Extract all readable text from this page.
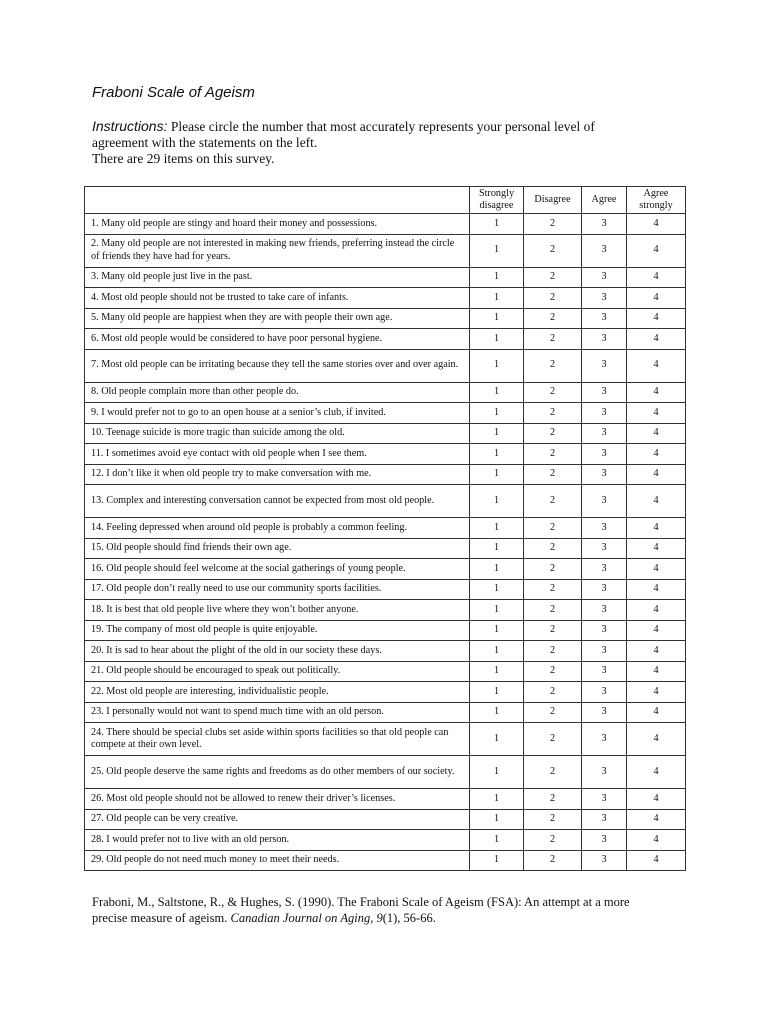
Fraboni Scale of Ageism
Instructions: Please circle the number that most accurately represents your personal level of agreement with the statements on the left.
There are 29 items on this survey.
	Strongly disagree	Disagree	Agree	Agree strongly
1. Many old people are stingy and hoard their money and possessions.	1	2	3	4
2. Many old people are not interested in making new friends, preferring instead the circle of friends they have had for years.	1	2	3	4
3. Many old people just live in the past.	1	2	3	4
4. Most old people should not be trusted to take care of infants.	1	2	3	4
5. Many old people are happiest when they are with people their own age.	1	2	3	4
6. Most old people would be considered to have poor personal hygiene.	1	2	3	4
7. Most old people can be irritating because they tell the same stories over and over again.	1	2	3	4
8. Old people complain more than other people do.	1	2	3	4
9. I would prefer not to go to an open house at a senior’s club, if invited.	1	2	3	4
10. Teenage suicide is more tragic than suicide among the old.	1	2	3	4
11. I sometimes avoid eye contact with old people when I see them.	1	2	3	4
12. I don’t like it when old people try to make conversation with me.	1	2	3	4
13. Complex and interesting conversation cannot be expected from most old people.	1	2	3	4
14. Feeling depressed when around old people is probably a common feeling.	1	2	3	4
15. Old people should find friends their own age.	1	2	3	4
16. Old people should feel welcome at the social gatherings of young people.	1	2	3	4
17. Old people don’t really need to use our community sports facilities.	1	2	3	4
18. It is best that old people live where they won’t bother anyone.	1	2	3	4
19. The company of most old people is quite enjoyable.	1	2	3	4
20. It is sad to hear about the plight of the old in our society these days.	1	2	3	4
21. Old people should be encouraged to speak out politically.	1	2	3	4
22. Most old people are interesting, individualistic people.	1	2	3	4
23. I personally would not want to spend much time with an old person.	1	2	3	4
24. There should be special clubs set aside within sports facilities so that old people can compete at their own level.	1	2	3	4
25. Old people deserve the same rights and freedoms as do other members of our society.	1	2	3	4
26. Most old people should not be allowed to renew their driver’s licenses.	1	2	3	4
27. Old people can be very creative.	1	2	3	4
28. I would prefer not to live with an old person.	1	2	3	4
29. Old people do not need much money to meet their needs.	1	2	3	4
Fraboni, M., Saltstone, R., & Hughes, S. (1990). The Fraboni Scale of Ageism (FSA): An attempt at a more precise measure of ageism. Canadian Journal on Aging, 9(1), 56-66.
